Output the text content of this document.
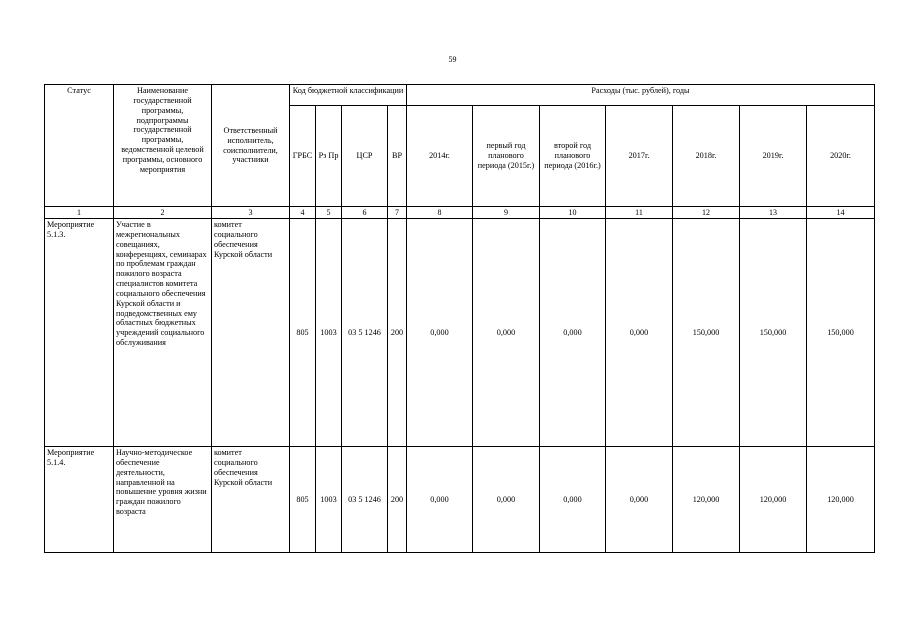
59
Статус	Наименование государственной программы, подпрограммы государственной программы, ведомственной целевой программы, основного мероприятия	Ответственный исполнитель, соисполнители, участники	Код бюджетной классификации				Расходы (тыс. рублей), годы						
			ГРБС	Рз Пр	ЦСР	ВР	2014г.	первый год планового периода (2015г.)	второй год планового периода (2016г.)	2017г.	2018г.	2019г.	2020г.
1	2	3	4	5	6	7	8	9	10	11	12	13	14
Мероприятие 5.1.3.	Участие в межрегиональных совещаниях, конференциях, семинарах по проблемам граждан пожилого возраста специалистов комитета социального обеспечения Курской области и подведомственных ему областных бюджетных учреждений социального обслуживания	комитет социального обеспечения Курской области	805	1003	03 5 1246	200	0,000	0,000	0,000	0,000	150,000	150,000	150,000
Мероприятие 5.1.4.	Научно-методическое обеспечение деятельности, направленной на повышение уровня жизни граждан пожилого возраста	комитет социального обеспечения Курской области	805	1003	03 5 1246	200	0,000	0,000	0,000	0,000	120,000	120,000	120,000
